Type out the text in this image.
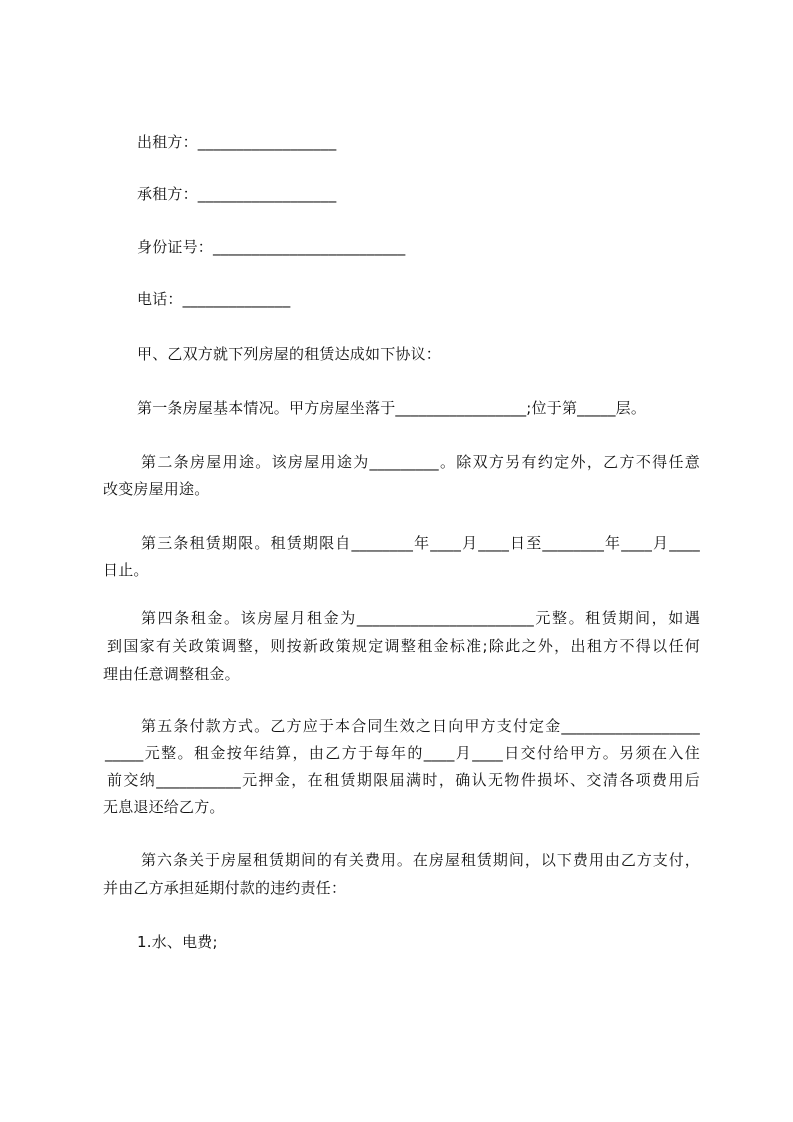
出租方：__________________
承租方：__________________
身份证号：_________________________
电话：______________
甲、乙双方就下列房屋的租赁达成如下协议：
第一条房屋基本情况。甲方房屋坐落于_________________;位于第_____层。
第二条房屋用途。该房屋用途为_________。除双方另有约定外，乙方不得任意
改变房屋用途。
第三条租赁期限。租赁期限自________年____月____日至________年____月____
日止。
第四条租金。该房屋月租金为_______________________元整。租赁期间，如遇
到国家有关政策调整，则按新政策规定调整租金标准;除此之外，出租方不得以任何
理由任意调整租金。
第五条付款方式。乙方应于本合同生效之日向甲方支付定金__________________
_____元整。租金按年结算，由乙方于每年的____月____日交付给甲方。另须在入住
前交纳___________元押金，在租赁期限届满时，确认无物件损坏、交清各项费用后
无息退还给乙方。
第六条关于房屋租赁期间的有关费用。在房屋租赁期间，以下费用由乙方支付，
并由乙方承担延期付款的违约责任：
1.水、电费;
